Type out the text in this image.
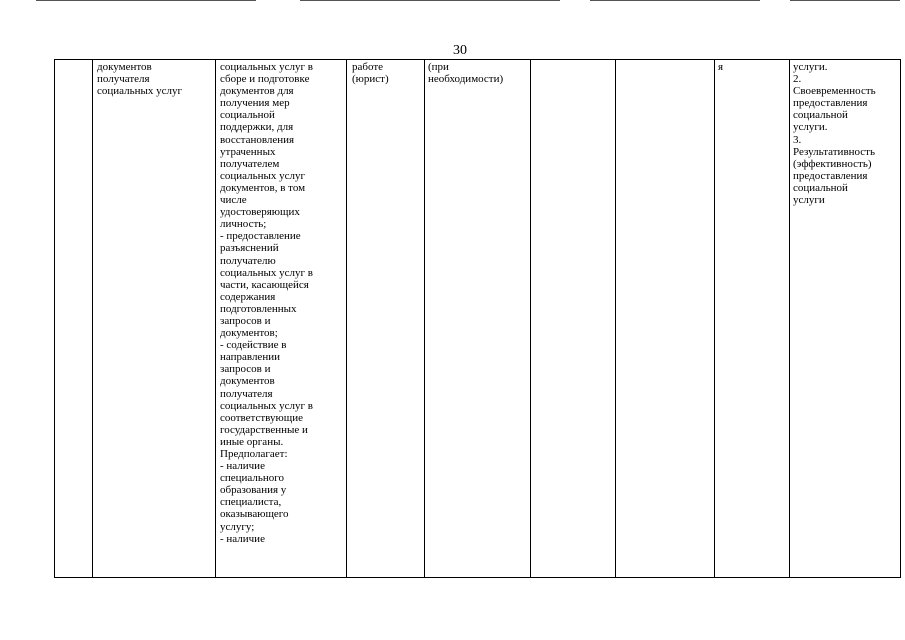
30
документов
получателя
социальных услуг
социальных услуг в
сборе и подготовке
документов для
получения мер
социальной
поддержки, для
восстановления
утраченных
получателем
социальных услуг
документов, в том
числе
удостоверяющих
личность;
- предоставление
разъяснений
получателю
социальных услуг в
части, касающейся
содержания
подготовленных
запросов и
документов;
- содействие в
направлении
запросов и
документов
получателя
социальных услуг в
соответствующие
государственные и
иные органы.
Предполагает:
- наличие
специального
образования у
специалиста,
оказывающего
услугу;
- наличие
работе
(юрист)
(при
необходимости)
я	услуги.
2.
Своевременность
предоставления
социальной
услуги.
3.
Результативность
(эффективность)
предоставления
социальной
услуги
